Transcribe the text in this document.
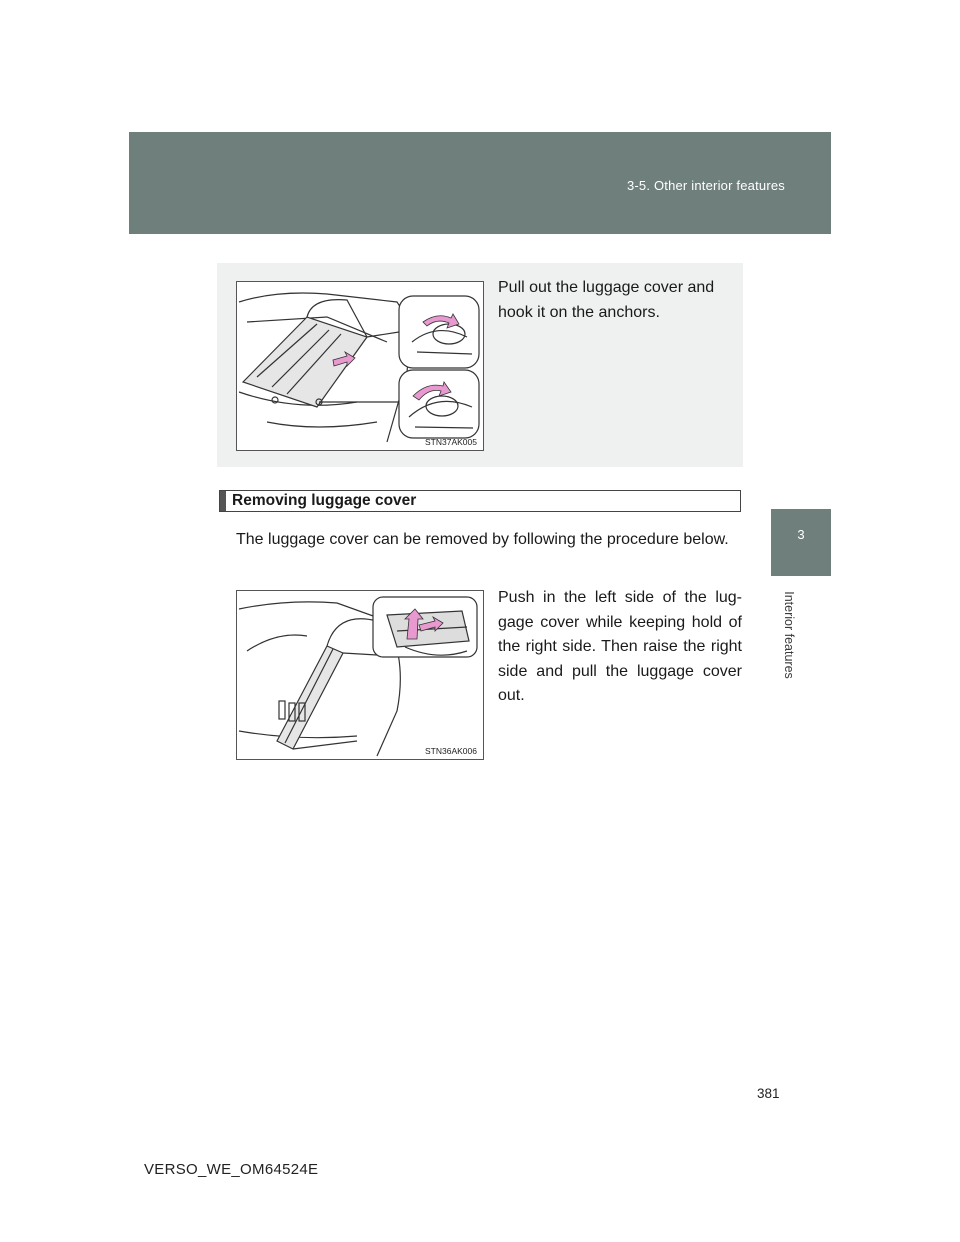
3-5. Other interior features
3
Interior features
STN37AK005
Pull out the luggage cover and hook it on the anchors.
Removing luggage cover
The luggage cover can be removed by following the procedure below.
STN36AK006
Push in the left side of the lug-gage cover while keeping hold of the right side. Then raise the right side and pull the luggage cover out.
381
VERSO_WE_OM64524E
